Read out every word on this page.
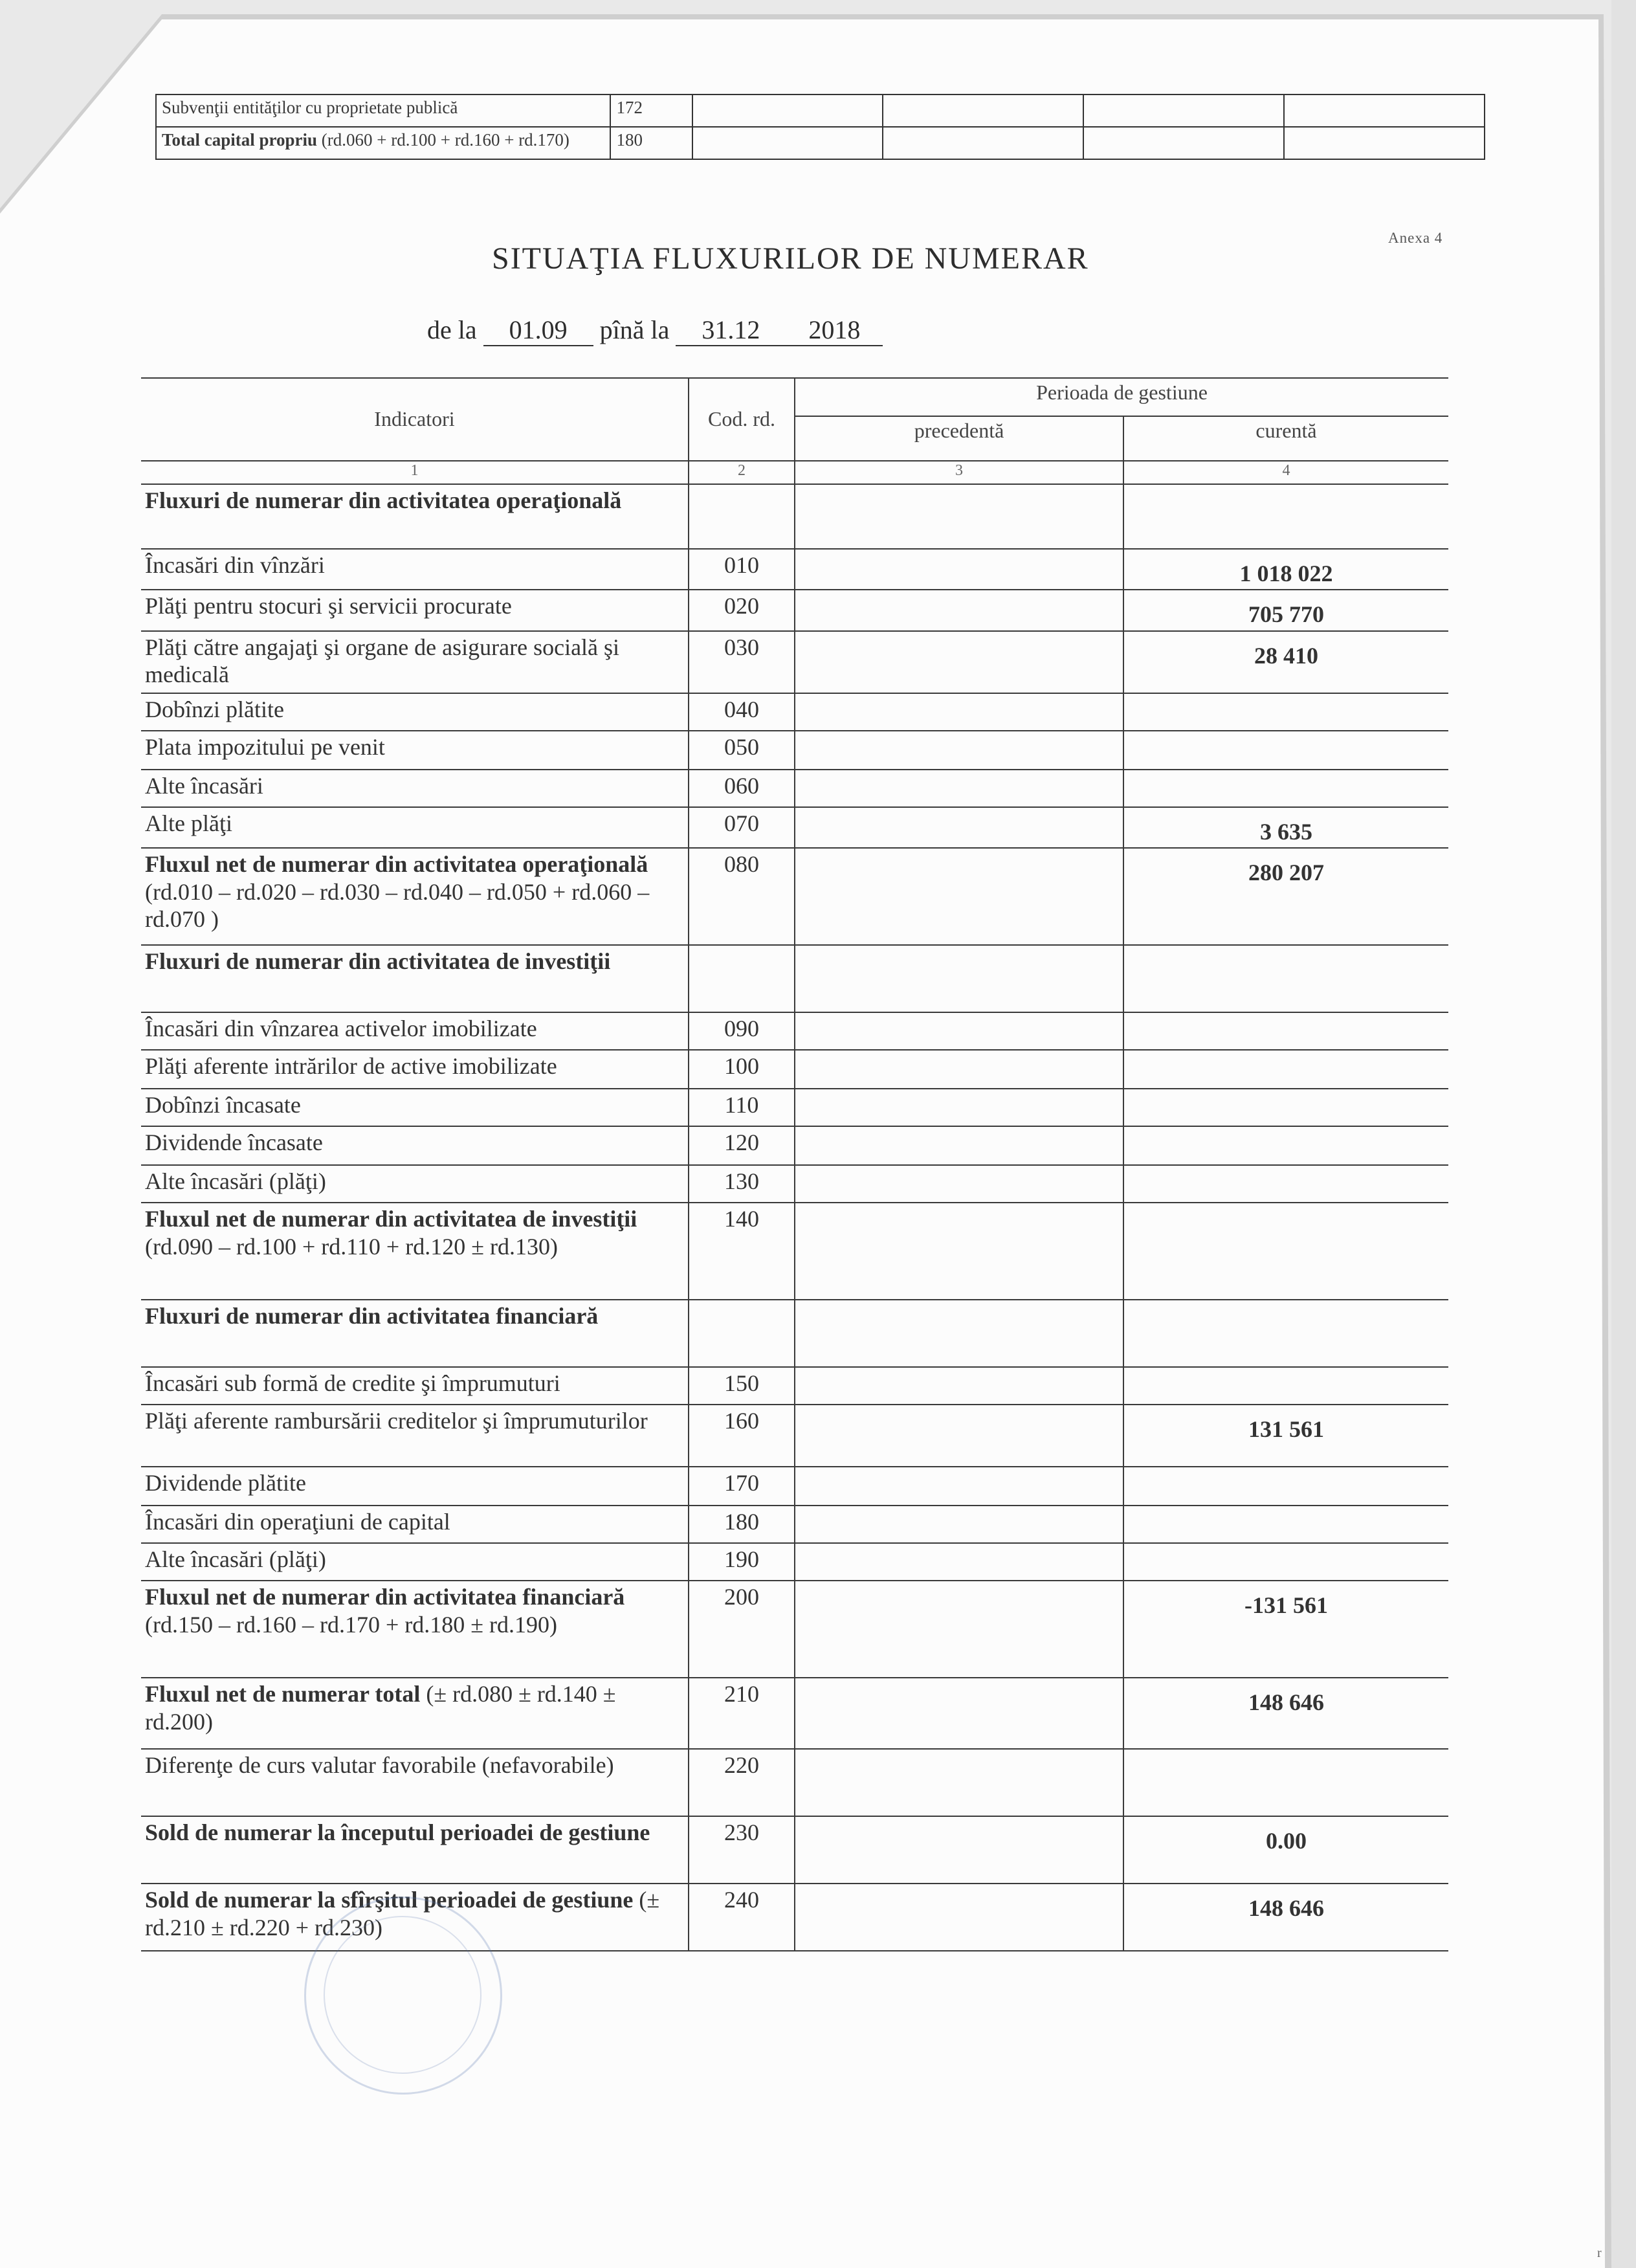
Subvenţii entităţilor cu proprietate publică	172				
Total capital propriu (rd.060 + rd.100 + rd.160 + rd.170)	180				
Anexa 4
SITUAŢIA FLUXURILOR DE NUMERAR
de la 01.09 pînă la 31.12 2018
Indicatori	Cod. rd.	Perioada de gestiune	
		precedentă	curentă
1	2	3	4
Fluxuri de numerar din activitatea operaţională			
Încasări din vînzări	010		1 018 022
Plăţi pentru stocuri şi servicii procurate	020		705 770
Plăţi către angajaţi şi organe de asigurare socială şi medicală	030		28 410
Dobînzi plătite	040		
Plata impozitului pe venit	050		
Alte încasări	060		
Alte plăţi	070		3 635
Fluxul net de numerar din activitatea operaţională (rd.010 – rd.020 – rd.030 – rd.040 – rd.050 + rd.060 – rd.070 )	080		280 207
Fluxuri de numerar din activitatea de investiţii			
Încasări din vînzarea activelor imobilizate	090		
Plăţi aferente intrărilor de active imobilizate	100		
Dobînzi încasate	110		
Dividende încasate	120		
Alte încasări (plăţi)	130		
Fluxul net de numerar din activitatea de investiţii (rd.090 – rd.100 + rd.110 + rd.120 ± rd.130)	140		
Fluxuri de numerar din activitatea financiară			
Încasări sub formă de credite şi împrumuturi	150		
Plăţi aferente rambursării creditelor şi împrumuturilor	160		131 561
Dividende plătite	170		
Încasări din operaţiuni de capital	180		
Alte încasări (plăţi)	190		
Fluxul net de numerar din activitatea financiară (rd.150 – rd.160 – rd.170 + rd.180 ± rd.190)	200		-131 561
Fluxul net de numerar total (± rd.080 ± rd.140 ± rd.200)	210		148 646
Diferenţe de curs valutar favorabile (nefavorabile)	220		
Sold de numerar la începutul perioadei de gestiune	230		0.00
Sold de numerar la sfîrşitul perioadei de gestiune (± rd.210 ± rd.220 + rd.230)	240		148 646
r
